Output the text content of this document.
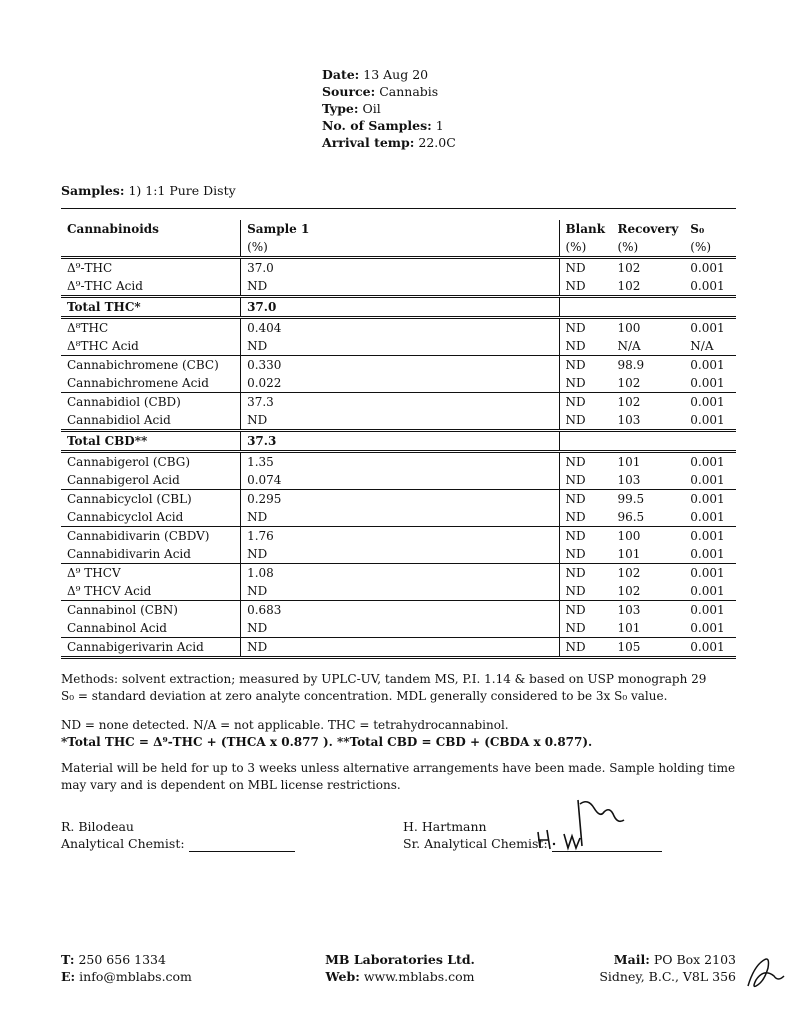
Date: 13 Aug 20
Source: Cannabis
Type: Oil
No. of Samples: 1
Arrival temp: 22.0C
Samples: 1) 1:1 Pure Disty
Cannabinoids	Sample 1	Blank	Recovery	S₀
	(%)	(%)	(%)	(%)
Δ⁹-THC	37.0	ND	102	0.001
Δ⁹-THC Acid	ND	ND	102	0.001
Total THC*	37.0			
Δ⁸THC	0.404	ND	100	0.001
Δ⁸THC Acid	ND	ND	N/A	N/A
Cannabichromene (CBC)	0.330	ND	98.9	0.001
Cannabichromene Acid	0.022	ND	102	0.001
Cannabidiol (CBD)	37.3	ND	102	0.001
Cannabidiol Acid	ND	ND	103	0.001
Total CBD**	37.3			
Cannabigerol (CBG)	1.35	ND	101	0.001
Cannabigerol Acid	0.074	ND	103	0.001
Cannabicyclol (CBL)	0.295	ND	99.5	0.001
Cannabicyclol Acid	ND	ND	96.5	0.001
Cannabidivarin (CBDV)	1.76	ND	100	0.001
Cannabidivarin Acid	ND	ND	101	0.001
Δ⁹ THCV	1.08	ND	102	0.001
Δ⁹ THCV Acid	ND	ND	102	0.001
Cannabinol (CBN)	0.683	ND	103	0.001
Cannabinol Acid	ND	ND	101	0.001
Cannabigerivarin Acid	ND	ND	105	0.001
Methods: solvent extraction; measured by UPLC-UV, tandem MS, P.I. 1.14 & based on USP monograph 29
S₀ = standard deviation at zero analyte concentration. MDL generally considered to be 3x S₀ value.
ND = none detected. N/A = not applicable. THC = tetrahydrocannabinol.
*Total THC = Δ⁹-THC + (THCA x 0.877 ). **Total CBD = CBD + (CBDA x 0.877).
Material will be held for up to 3 weeks unless alternative arrangements have been made. Sample holding time may vary and is dependent on MBL license restrictions.
R. Bilodeau
Analytical Chemist:
H. Hartmann
Sr. Analytical Chemist:
T: 250 656 1334
E: info@mblabs.com
MB Laboratories Ltd.
Web: www.mblabs.com
Mail: PO Box 2103
Sidney, B.C., V8L 356
